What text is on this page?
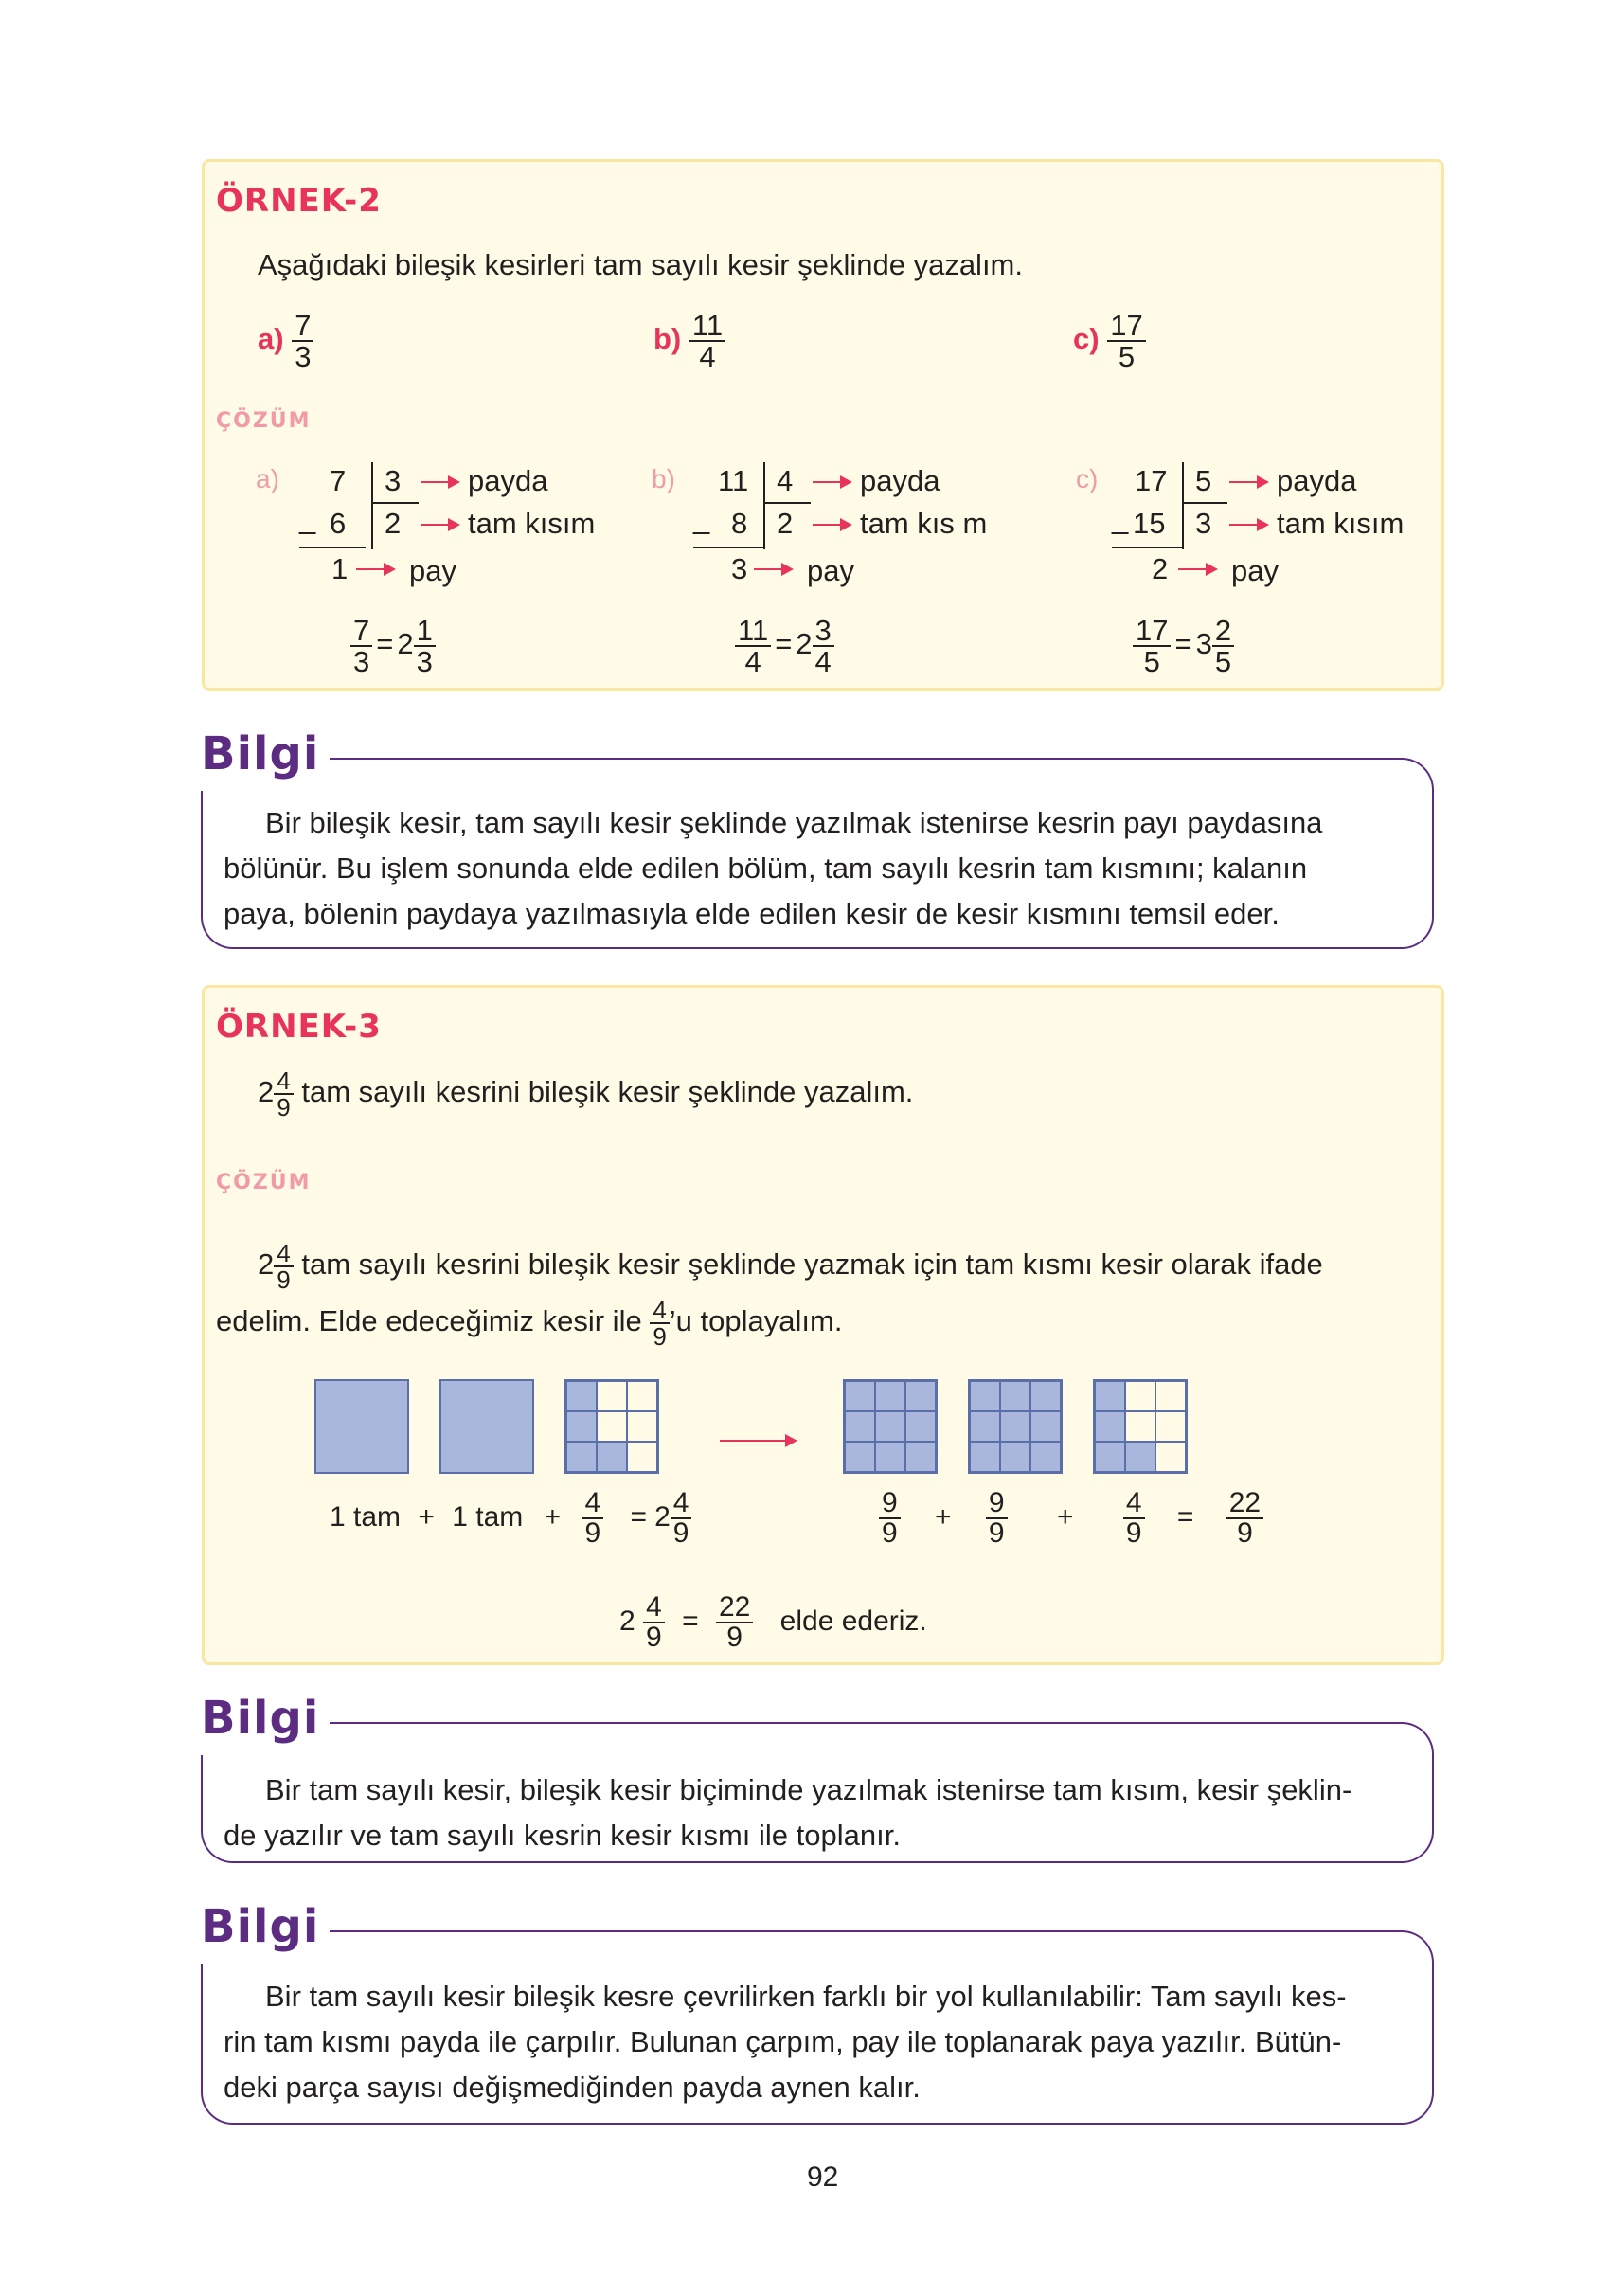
ÖRNEK-2
Aşağıdaki bileşik kesirleri tam sayılı kesir şeklinde yazalım.
$a) \frac{7}{3}$	$b) \frac{11}{4}$	$c) \frac{17}{5}$
ÇÖZÜM
a) 7 3 payda
_ 6 2 tam kısım
1 pay
$\frac{7}{3} = 2 \frac{1}{3}$
b) 11 4 payda
_ 8 2 tam kıs m
3 pay
$\frac{11}{4} = 2 \frac{3}{4}$
c) 17 5 payda
_ 15 3 tam kısım
2 pay
$\frac{17}{5} = 3 \frac{2}{5}$
Bilgi
Bir bileşik kesir, tam sayılı kesir şeklinde yazılmak istenirse kesrin payı paydasına
bölünür. Bu işlem sonunda elde edilen bölüm, tam sayılı kesrin tam kısmını; kalanın
paya, bölenin paydaya yazılmasıyla elde edilen kesir de kesir kısmını temsil eder.
ÖRNEK-3
$2 \frac{4}{9}$ tam sayılı kesrini bileşik kesir şeklinde yazalım.
ÇÖZÜM
$2 \frac{4}{9}$ tam sayılı kesrini bileşik kesir şeklinde yazmak için tam kısmı kesir olarak ifade
edelim. Elde edeceğimiz kesir ile $\frac{4}{9}$ ’u toplayalım.
1 tam + 1 tam + $\frac{4}{9} = 2 \frac{4}{9}$	$\frac{9}{9} + \frac{9}{9} + \frac{4}{9} = \frac{22}{9}$
$2 \frac{4}{9} = \frac{22}{9}$ elde ederiz.
Bilgi
Bir tam sayılı kesir, bileşik kesir biçiminde yazılmak istenirse tam kısım, kesir şeklin-
de yazılır ve tam sayılı kesrin kesir kısmı ile toplanır.
Bilgi
Bir tam sayılı kesir bileşik kesre çevrilirken farklı bir yol kullanılabilir: Tam sayılı kes-
rin tam kısmı payda ile çarpılır. Bulunan çarpım, pay ile toplanarak paya yazılır. Bütün-
deki parça sayısı değişmediğinden payda aynen kalır.
92
